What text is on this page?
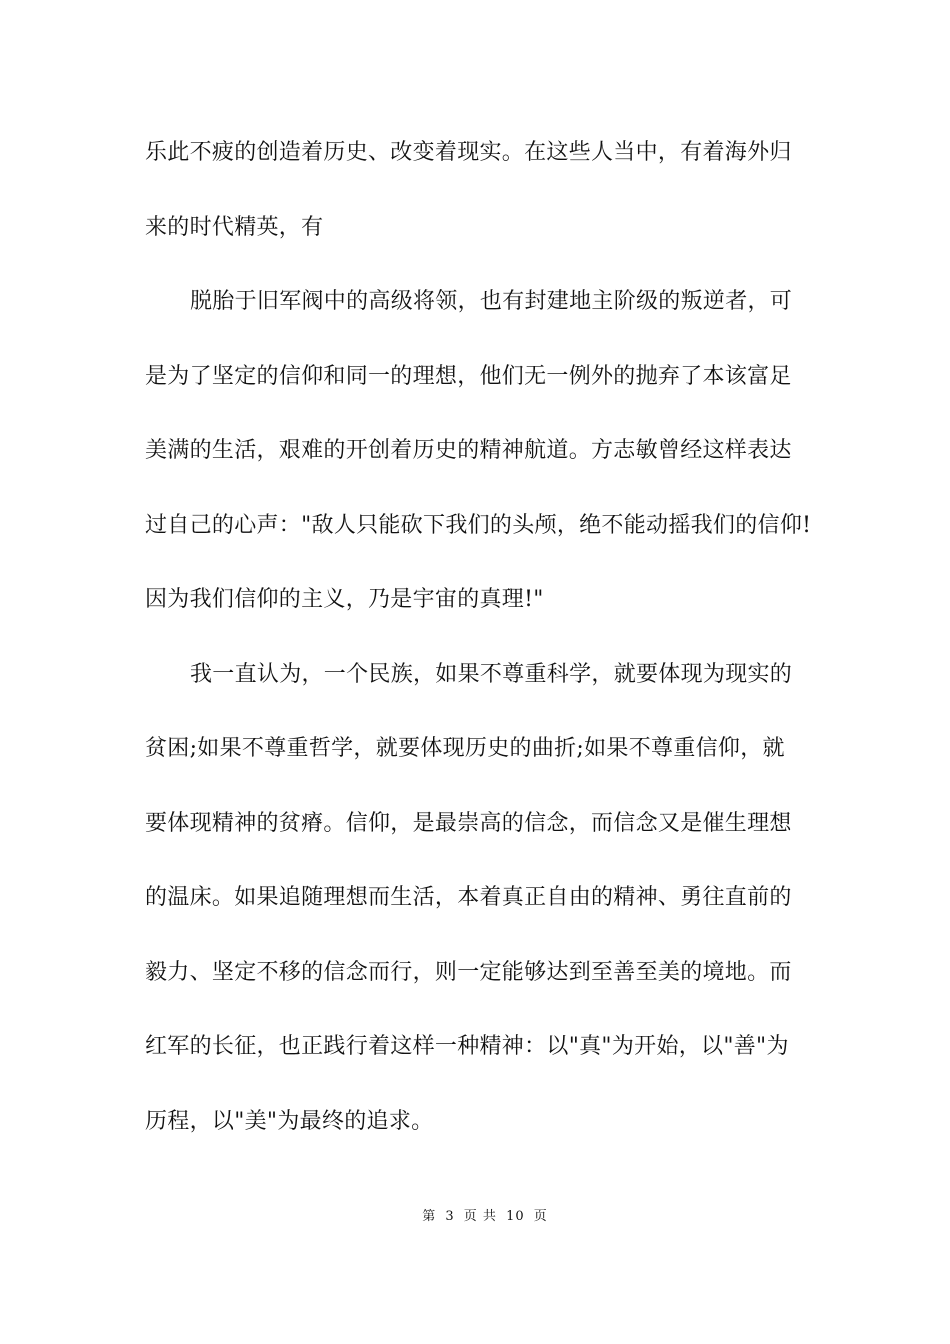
乐此不疲的创造着历史、改变着现实。在这些人当中，有着海外归
来的时代精英，有
脱胎于旧军阀中的高级将领，也有封建地主阶级的叛逆者，可
是为了坚定的信仰和同一的理想，他们无一例外的抛弃了本该富足
美满的生活，艰难的开创着历史的精神航道。方志敏曾经这样表达
过自己的心声："敌人只能砍下我们的头颅，绝不能动摇我们的信仰!
因为我们信仰的主义，乃是宇宙的真理!"
我一直认为，一个民族，如果不尊重科学，就要体现为现实的
贫困;如果不尊重哲学，就要体现历史的曲折;如果不尊重信仰，就
要体现精神的贫瘠。信仰，是最崇高的信念，而信念又是催生理想
的温床。如果追随理想而生活，本着真正自由的精神、勇往直前的
毅力、坚定不移的信念而行，则一定能够达到至善至美的境地。而
红军的长征，也正践行着这样一种精神：以"真"为开始，以"善"为
历程，以"美"为最终的追求。
第 3 页 共 10 页
